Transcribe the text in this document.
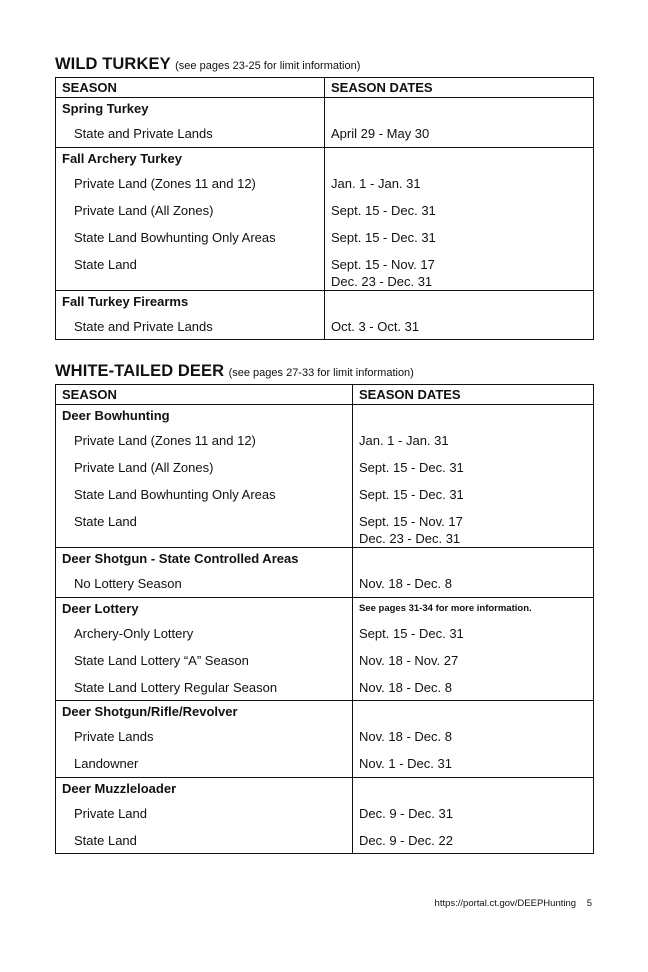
WILD TURKEY (see pages 23-25 for limit information)
SEASON	SEASON DATES
Spring Turkey	
State and Private Lands	April 29 - May 30

Fall Archery Turkey	
Private Land (Zones 11 and 12)	Jan. 1 - Jan. 31

Private Land (All Zones)	Sept. 15 - Dec. 31

State Land Bowhunting Only Areas	Sept. 15 - Dec. 31

State Land	Sept. 15 - Nov. 17
Dec. 23 - Dec. 31

Fall Turkey Firearms	
State and Private Lands	Oct. 3 - Oct. 31
WHITE-TAILED DEER (see pages 27-33 for limit information)
SEASON	SEASON DATES
Deer Bowhunting	
Private Land (Zones 11 and 12)	Jan. 1 - Jan. 31

Private Land (All Zones)	Sept. 15 - Dec. 31

State Land Bowhunting Only Areas	Sept. 15 - Dec. 31

State Land	Sept. 15 - Nov. 17
Dec. 23 - Dec. 31

Deer Shotgun - State Controlled Areas	
No Lottery Season	Nov. 18 - Dec. 8

Deer Lottery	See pages 31-34 for more information.
Archery-Only Lottery	Sept. 15 - Dec. 31

State Land Lottery “A” Season	Nov. 18 - Nov. 27

State Land Lottery Regular Season	Nov. 18 - Dec. 8

Deer Shotgun/Rifle/Revolver	
Private Lands	Nov. 18 - Dec. 8

Landowner	Nov. 1 - Dec. 31

Deer Muzzleloader	
Private Land	Dec. 9 - Dec. 31

State Land	Dec. 9 - Dec. 22
https://portal.ct.gov/DEEPHunting 5
